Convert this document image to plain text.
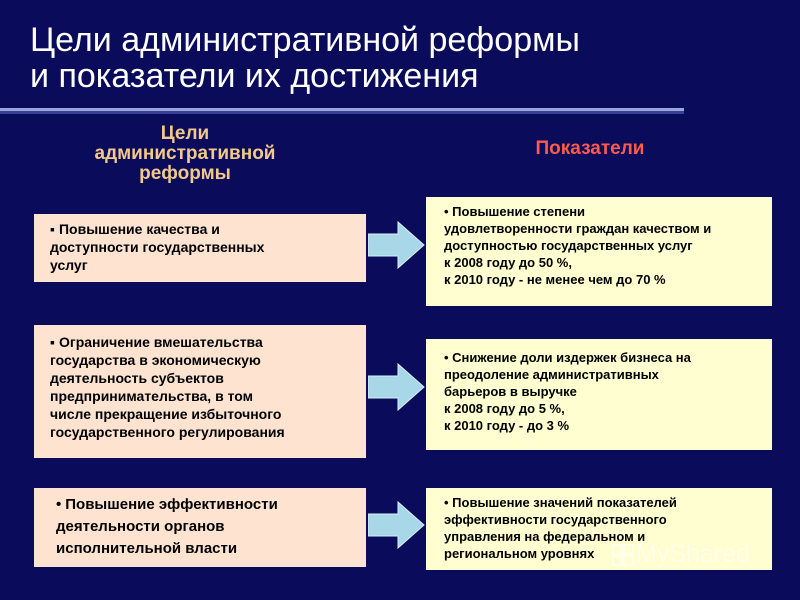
Цели административной реформы
и показатели их достижения
Цели
административной
реформы
Показатели
▪ Повышение качества и
доступности государственных
услуг
▪ Ограничение вмешательства
государства в экономическую
деятельность субъектов
предпринимательства, в том
числе прекращение избыточного
государственного регулирования
• Повышение эффективности
деятельности органов
исполнительной власти
• Повышение степени
удовлетворенности граждан качеством и
доступностью государственных услуг
к 2008 году до 50 %,
к 2010 году - не менее чем до 70 %
• Снижение доли издержек бизнеса на
преодоление административных
барьеров в выручке
к 2008 году до 5 %,
к 2010 году - до 3 %
• Повышение значений показателей
эффективности государственного
управления на федеральном и
региональном уровнях	MyShared
